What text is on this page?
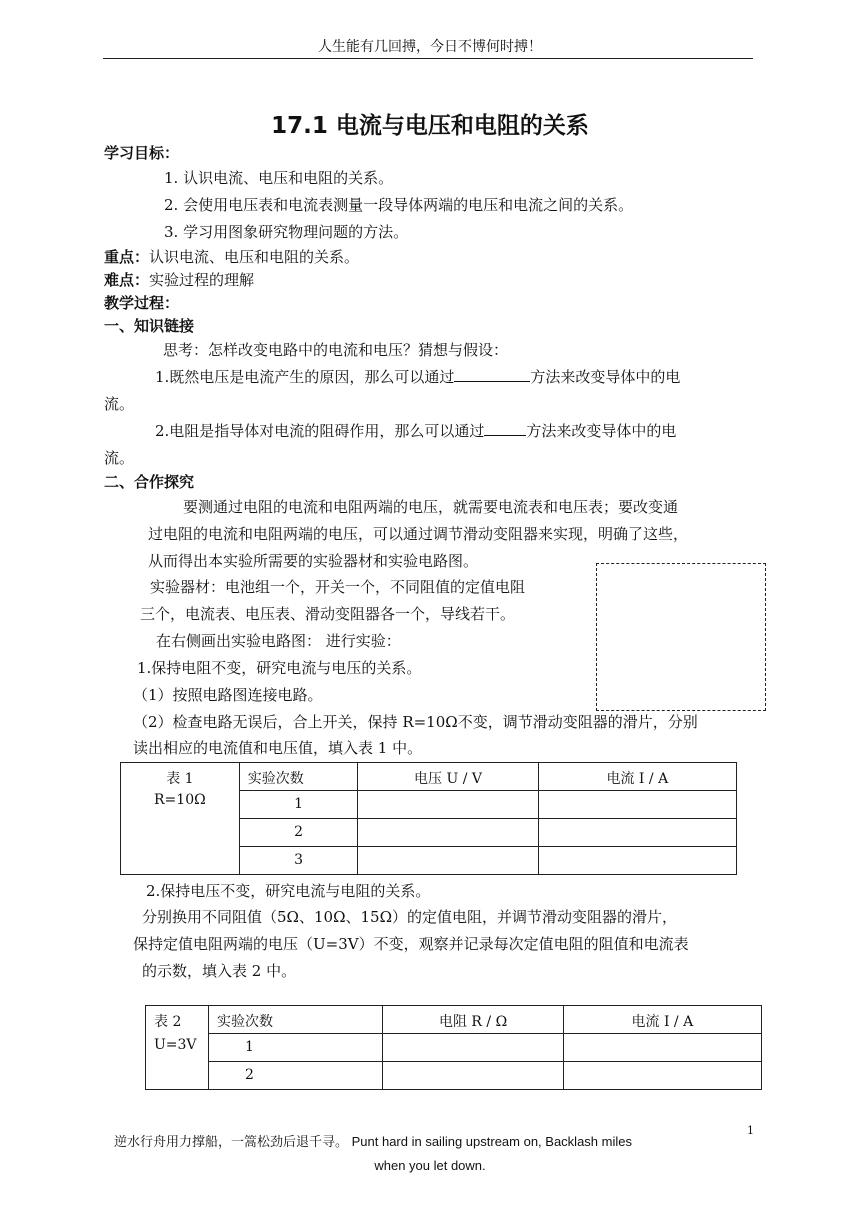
人生能有几回搏，今日不博何时搏！
17.1 电流与电压和电阻的关系
学习目标：
1. 认识电流、电压和电阻的关系。
2. 会使用电压表和电流表测量一段导体两端的电压和电流之间的关系。
3. 学习用图象研究物理问题的方法。
重点：认识电流、电压和电阻的关系。
难点：实验过程的理解
教学过程：
一、知识链接
思考：怎样改变电路中的电流和电压？猜想与假设：
1.既然电压是电流产生的原因，那么可以通过	方法来改变导体中的电
流。
2.电阻是指导体对电流的阻碍作用，那么可以通过	方法来改变导体中的电
流。
二、合作探究
要测通过电阻的电流和电阻两端的电压，就需要电流表和电压表；要改变通
过电阻的电流和电阻两端的电压，可以通过调节滑动变阻器来实现，明确了这些，
从而得出本实验所需要的实验器材和实验电路图。
实验器材：电池组一个，开关一个，不同阻值的定值电阻
三个，电流表、电压表、滑动变阻器各一个，导线若干。
在右侧画出实验电路图： 进行实验：
1.保持电阻不变，研究电流与电压的关系。
（1）按照电路图连接电路。
（2）检查电路无误后，合上开关，保持 R=10Ω不变，调节滑动变阻器的滑片，分别
读出相应的电流值和电压值，填入表 1 中。
表 1
R=10Ω	实验次数	电压 U / V	电流 I / A

	1		

	2		

	3		

2.保持电压不变，研究电流与电阻的关系。
分别换用不同阻值（5Ω、10Ω、15Ω）的定值电阻，并调节滑动变阻器的滑片，
保持定值电阻两端的电压（U=3V）不变，观察并记录每次定值电阻的阻值和电流表
的示数，填入表 2 中。
表 2
U=3V	实验次数	电阻 R / Ω	电流 I / A

	1		

	2		

逆水行舟用力撑船，一篙松劲后退千寻。 Punt hard in sailing upstream on, Backlash miles
when you let down.
1
